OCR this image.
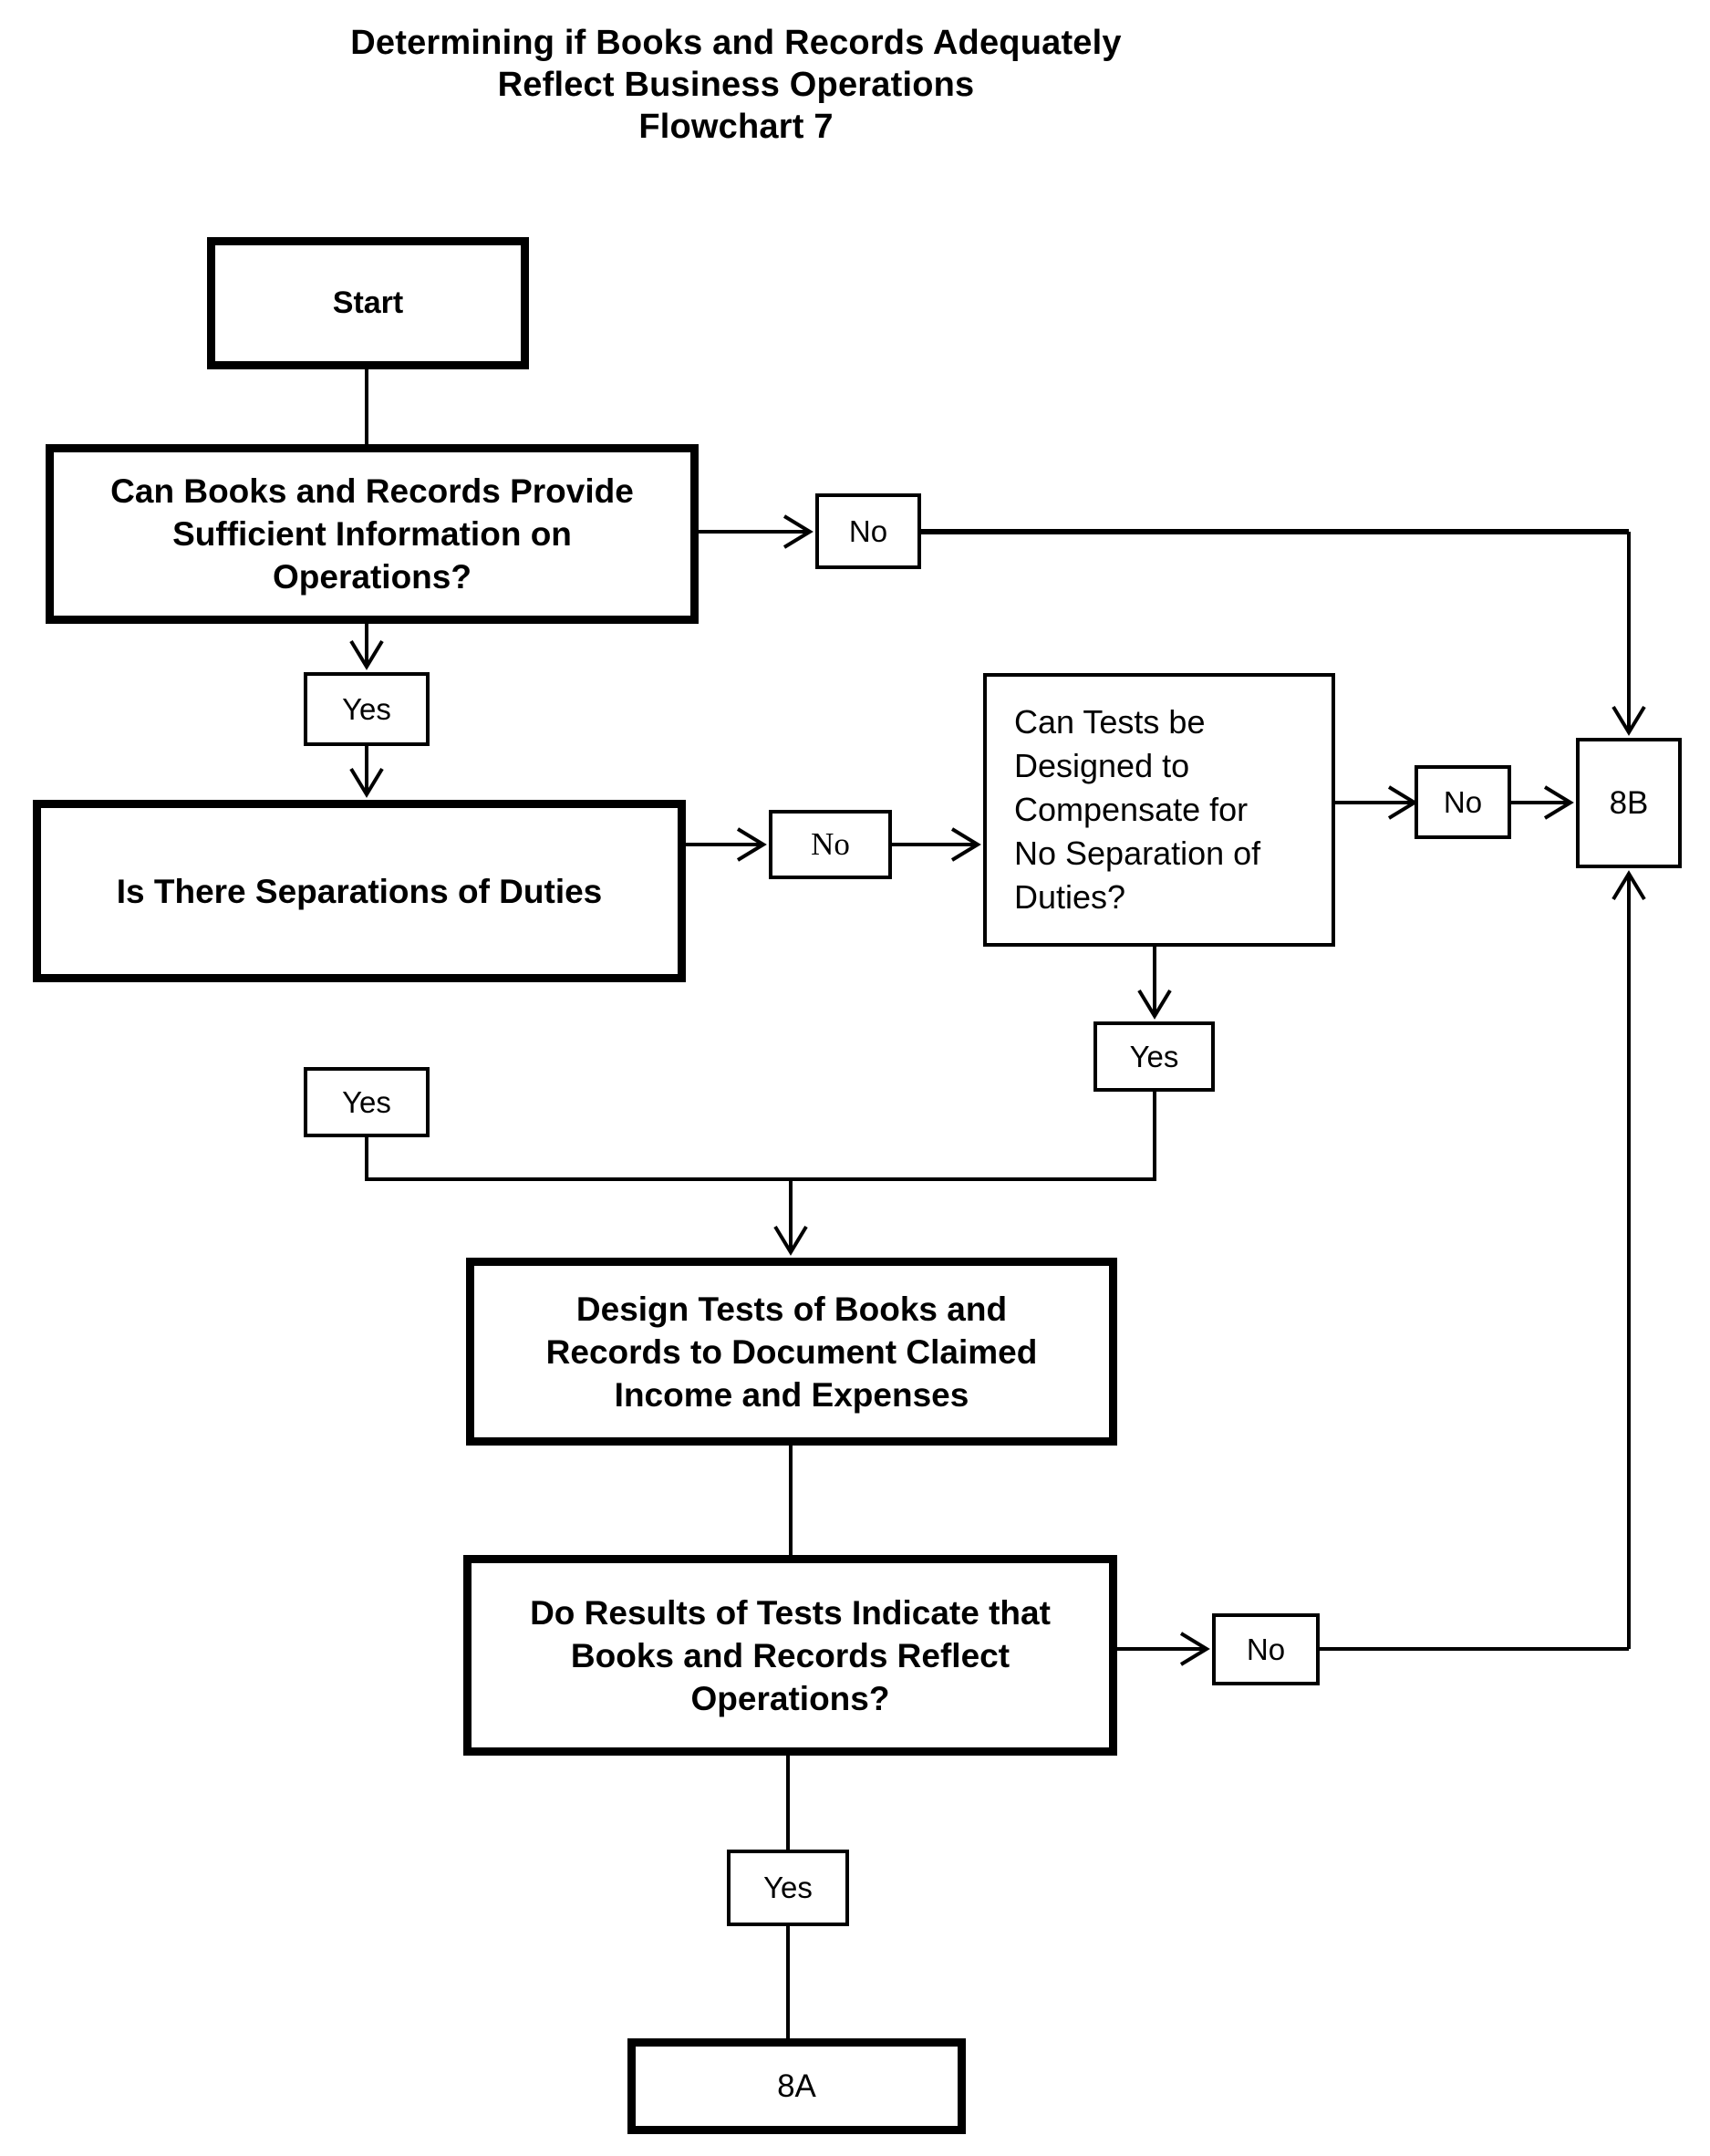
Determining if Books and Records Adequately
Reflect Business Operations
Flowchart 7
Start
Can Books and Records Provide
Sufficient Information on
Operations?
No
Yes
Is There Separations of Duties
No
Can Tests be
Designed to
Compensate for
No Separation of
Duties?
No	8B
Yes
Yes
Design Tests of Books and
Records to Document Claimed
Income and Expenses
Do Results of Tests Indicate that
Books and Records Reflect
Operations?
No
Yes
8A
